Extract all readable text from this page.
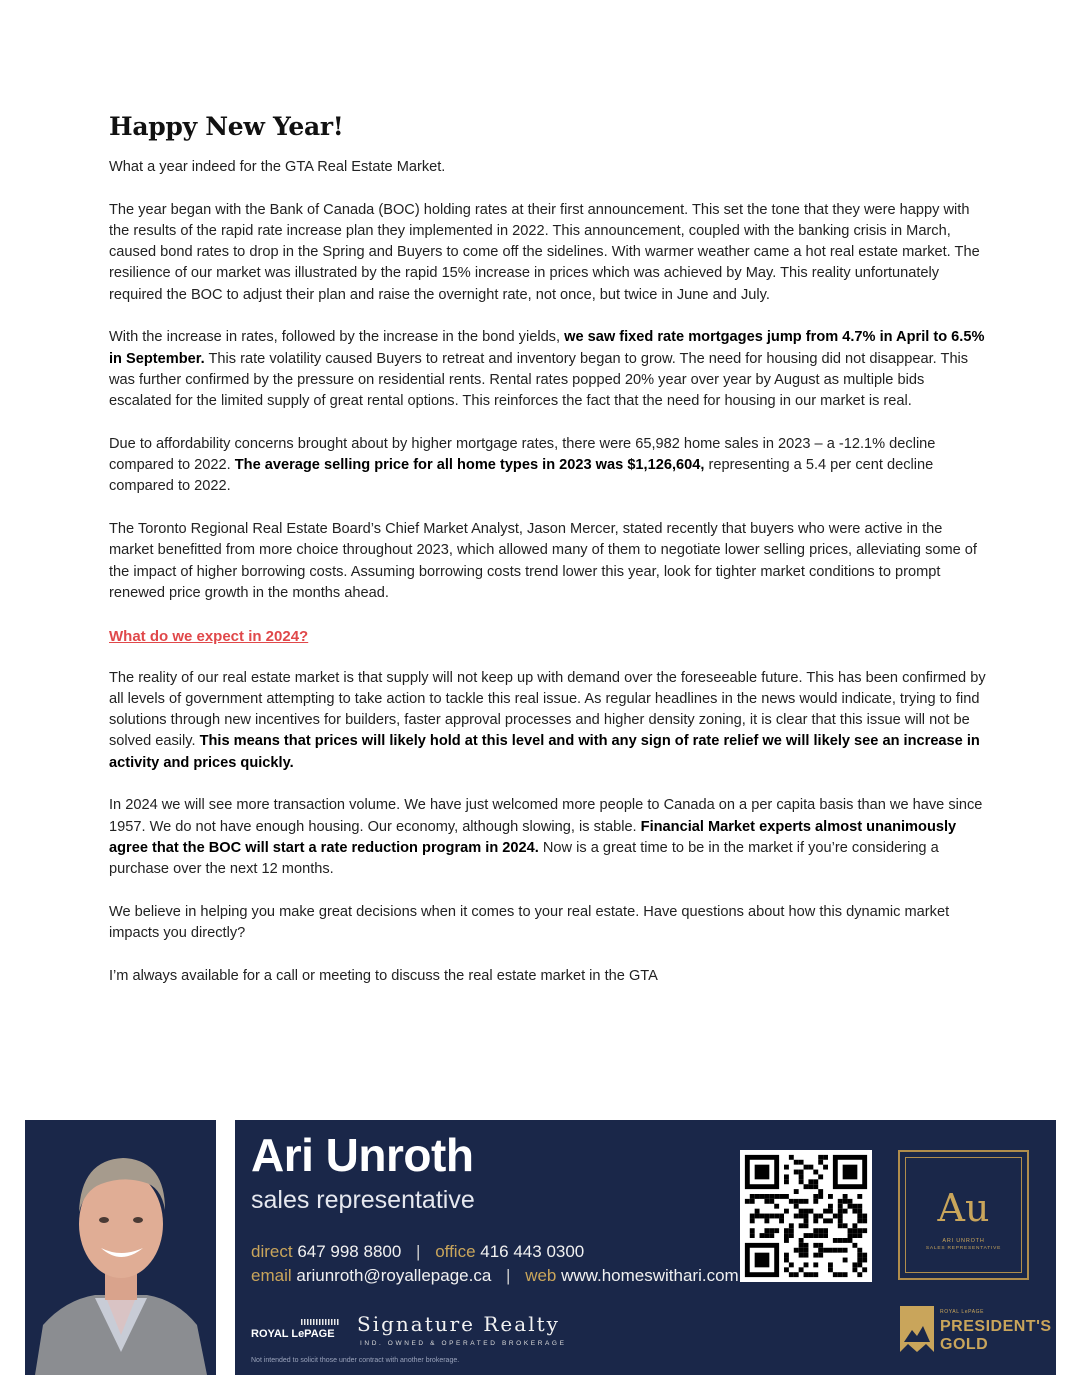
Happy New Year!

What a year indeed for the GTA Real Estate Market.

The year began with the Bank of Canada (BOC) holding rates at their first announcement. This set the tone that they were happy with the results of the rapid rate increase plan they implemented in 2022. This announcement, coupled with the banking crisis in March, caused bond rates to drop in the Spring and Buyers to come off the sidelines. With warmer weather came a hot real estate market. The resilience of our market was illustrated by the rapid 15% increase in prices which was achieved by May. This reality unfortunately required the BOC to adjust their plan and raise the overnight rate, not once, but twice in June and July.

With the increase in rates, followed by the increase in the bond yields, we saw fixed rate mortgages jump from 4.7% in April to 6.5% in September. This rate volatility caused Buyers to retreat and inventory began to grow. The need for housing did not disappear. This was further confirmed by the pressure on residential rents. Rental rates popped 20% year over year by August as multiple bids escalated for the limited supply of great rental options. This reinforces the fact that the need for housing in our market is real.

Due to affordability concerns brought about by higher mortgage rates, there were 65,982 home sales in 2023 – a -12.1% decline compared to 2022. The average selling price for all home types in 2023 was $1,126,604, representing a 5.4 per cent decline compared to 2022.

The Toronto Regional Real Estate Board’s Chief Market Analyst, Jason Mercer, stated recently that buyers who were active in the market benefitted from more choice throughout 2023, which allowed many of them to negotiate lower selling prices, alleviating some of the impact of higher borrowing costs. Assuming borrowing costs trend lower this year, look for tighter market conditions to prompt renewed price growth in the months ahead.

What do we expect in 2024?

The reality of our real estate market is that supply will not keep up with demand over the foreseeable future. This has been confirmed by all levels of government attempting to take action to tackle this real issue. As regular headlines in the news would indicate, trying to find solutions through new incentives for builders, faster approval processes and higher density zoning, it is clear that this issue will not be solved easily. This means that prices will likely hold at this level and with any sign of rate relief we will likely see an increase in activity and prices quickly.

In 2024 we will see more transaction volume. We have just welcomed more people to Canada on a per capita basis than we have since 1957. We do not have enough housing. Our economy, although slowing, is stable. Financial Market experts almost unanimously agree that the BOC will start a rate reduction program in 2024. Now is a great time to be in the market if you’re considering a purchase over the next 12 months.

We believe in helping you make great decisions when it comes to your real estate. Have questions about how this dynamic market impacts you directly?

I’m always available for a call or meeting to discuss the real estate market in the GTA

Ari Unroth
sales representative
direct 647 998 8800 | office 416 443 0300
email ariunroth@royallepage.ca | web www.homeswithari.com
ROYAL LePAGE Signature Realty
IND. OWNED & OPERATED BROKERAGE
Not intended to solicit those under contract with another brokerage.
Au
ARI UNROTH
SALES REPRESENTATIVE
ROYAL LePAGE
PRESIDENT'S GOLD
